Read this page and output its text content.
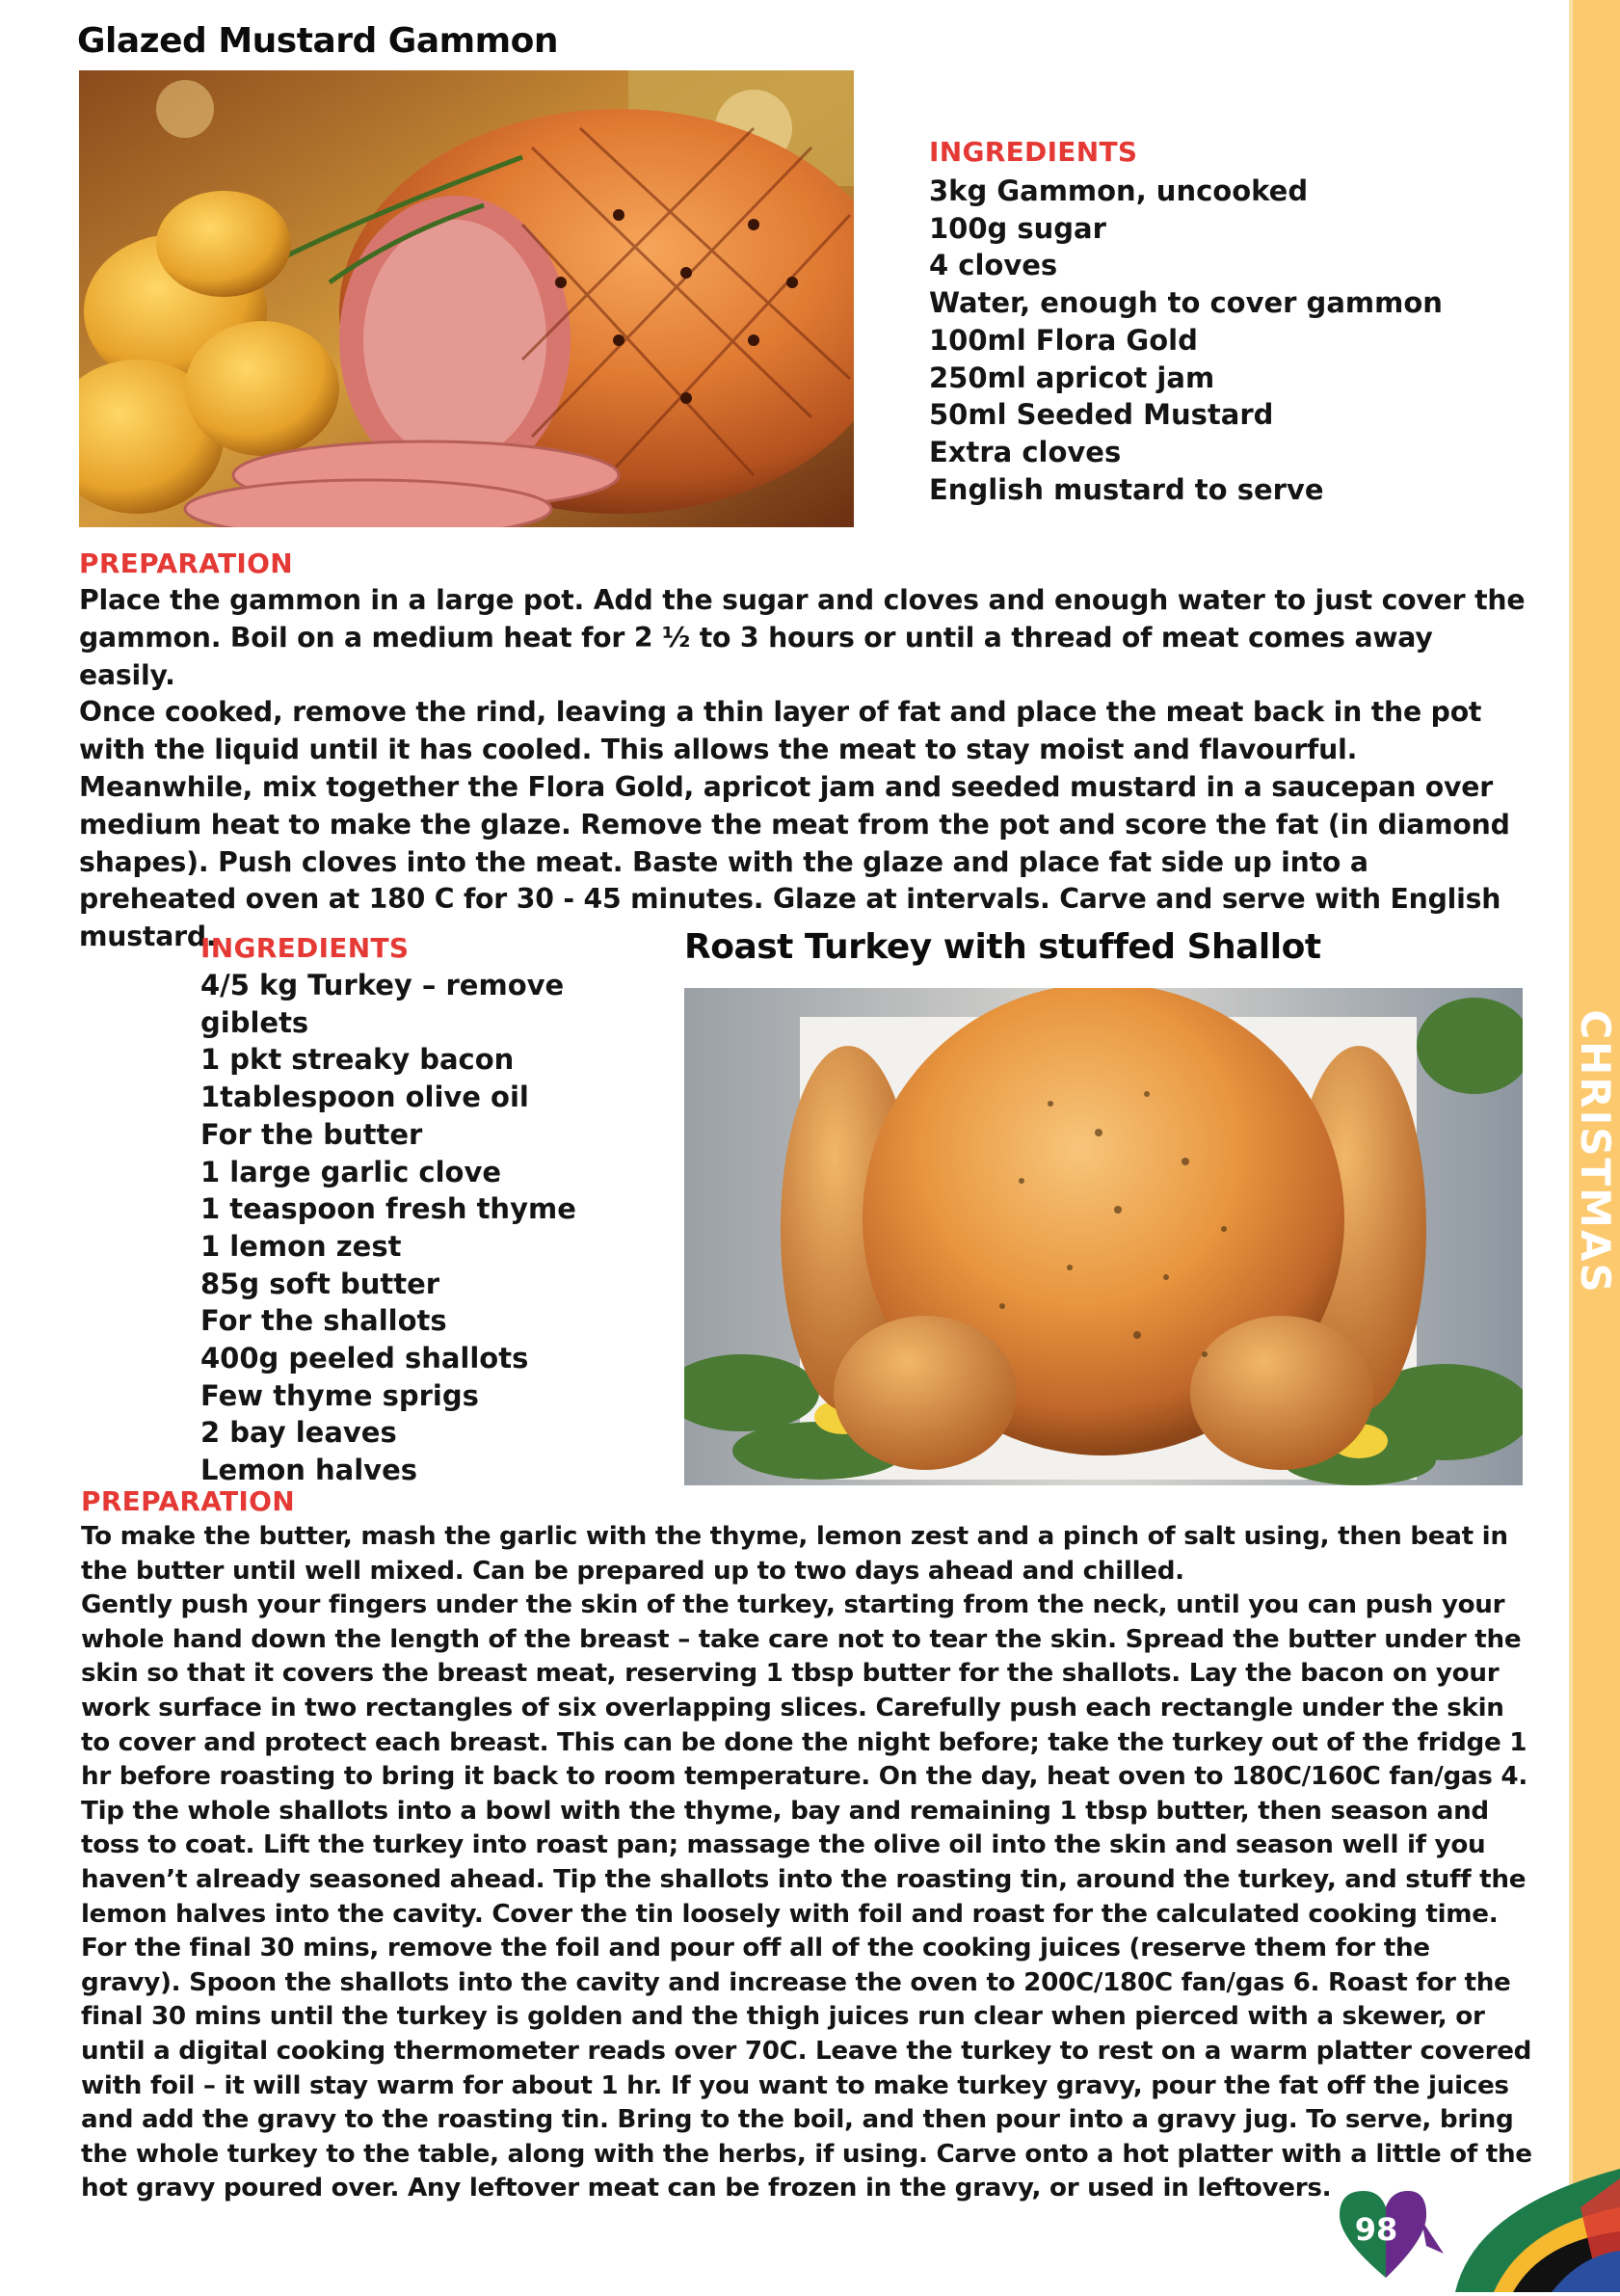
CHRISTMAS
Glazed Mustard Gammon
INGREDIENTS
3kg Gammon, uncooked
100g sugar
4 cloves
Water, enough to cover gammon
100ml Flora Gold
250ml apricot jam
50ml Seeded Mustard
Extra cloves
English mustard to serve
PREPARATION

Place the gammon in a large pot. Add the sugar and cloves and enough water to just cover the gammon. Boil on a medium heat for 2 ½ to 3 hours or until a thread of meat comes away easily.

Once cooked, remove the rind, leaving a thin layer of fat and place the meat back in the pot with the liquid until it has cooled. This allows the meat to stay moist and flavourful.

Meanwhile, mix together the Flora Gold, apricot jam and seeded mustard in a saucepan over medium heat to make the glaze. Remove the meat from the pot and score the fat (in diamond shapes). Push cloves into the meat. Baste with the glaze and place fat side up into a preheated oven at 180 C for 30 - 45 minutes. Glaze at intervals. Carve and serve with English mustard.

INGREDIENTS
4/5 kg Turkey – remove giblets
1 pkt streaky bacon
1tablespoon olive oil
For the butter
1 large garlic clove
1 teaspoon fresh thyme
1 lemon zest
85g soft butter
For the shallots
400g peeled shallots
Few thyme sprigs
2 bay leaves
Lemon halves
Roast Turkey with stuffed Shallot
PREPARATION

To make the butter, mash the garlic with the thyme, lemon zest and a pinch of salt using, then beat in the butter until well mixed. Can be prepared up to two days ahead and chilled.

Gently push your fingers under the skin of the turkey, starting from the neck, until you can push your whole hand down the length of the breast – take care not to tear the skin. Spread the butter under the skin so that it covers the breast meat, reserving 1 tbsp butter for the shallots. Lay the bacon on your work surface in two rectangles of six overlapping slices. Carefully push each rectangle under the skin to cover and protect each breast. This can be done the night before; take the turkey out of the fridge 1 hr before roasting to bring it back to room temperature. On the day, heat oven to 180C/160C fan/gas 4. Tip the whole shallots into a bowl with the thyme, bay and remaining 1 tbsp butter, then season and toss to coat. Lift the turkey into roast pan; massage the olive oil into the skin and season well if you haven’t already seasoned ahead. Tip the shallots into the roasting tin, around the turkey, and stuff the lemon halves into the cavity. Cover the tin loosely with foil and roast for the calculated cooking time. For the final 30 mins, remove the foil and pour off all of the cooking juices (reserve them for the gravy). Spoon the shallots into the cavity and increase the oven to 200C/180C fan/gas 6. Roast for the final 30 mins until the turkey is golden and the thigh juices run clear when pierced with a skewer, or until a digital cooking thermometer reads over 70C. Leave the turkey to rest on a warm platter covered with foil – it will stay warm for about 1 hr. If you want to make turkey gravy, pour the fat off the juices and add the gravy to the roasting tin. Bring to the boil, and then pour into a gravy jug. To serve, bring the whole turkey to the table, along with the herbs, if using. Carve onto a hot platter with a little of the hot gravy poured over. Any leftover meat can be frozen in the gravy, or used in leftovers.

98
